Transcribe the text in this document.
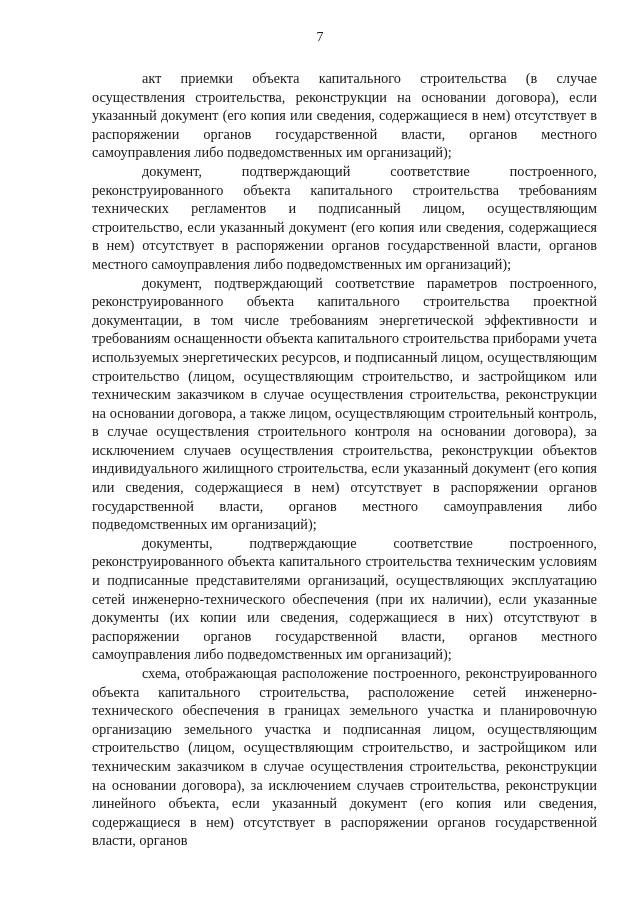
7

акт приемки объекта капитального строительства (в случае осуществления строительства, реконструкции на основании договора), если указанный документ (его копия или сведения, содержащиеся в нем) отсутствует в распоряжении органов государственной власти, органов местного самоуправления либо подведомственных им организаций);

документ, подтверждающий соответствие построенного, реконструированного объекта капитального строительства требованиям технических регламентов и подписанный лицом, осуществляющим строительство, если указанный документ (его копия или сведения, содержащиеся в нем) отсутствует в распоряжении органов государственной власти, органов местного самоуправления либо подведомственных им организаций);

документ, подтверждающий соответствие параметров построенного, реконструированного объекта капитального строительства проектной документации, в том числе требованиям энергетической эффективности и требованиям оснащенности объекта капитального строительства приборами учета используемых энергетических ресурсов, и подписанный лицом, осуществляющим строительство (лицом, осуществляющим строительство, и застройщиком или техническим заказчиком в случае осуществления строительства, реконструкции на основании договора, а также лицом, осуществляющим строительный контроль, в случае осуществления строительного контроля на основании договора), за исключением случаев осуществления строительства, реконструкции объектов индивидуального жилищного строительства, если указанный документ (его копия или сведения, содержащиеся в нем) отсутствует в распоряжении органов государственной власти, органов местного самоуправления либо подведомственных им организаций);

документы, подтверждающие соответствие построенного, реконструированного объекта капитального строительства техническим условиям и подписанные представителями организаций, осуществляющих эксплуатацию сетей инженерно-технического обеспечения (при их наличии), если указанные документы (их копии или сведения, содержащиеся в них) отсутствуют в распоряжении органов государственной власти, органов местного самоуправления либо подведомственных им организаций);

схема, отображающая расположение построенного, реконструированного объекта капитального строительства, расположение сетей инженерно-технического обеспечения в границах земельного участка и планировочную организацию земельного участка и подписанная лицом, осуществляющим строительство (лицом, осуществляющим строительство, и застройщиком или техническим заказчиком в случае осуществления строительства, реконструкции на основании договора), за исключением случаев строительства, реконструкции линейного объекта, если указанный документ (его копия или сведения, содержащиеся в нем) отсутствует в распоряжении органов государственной власти, органов
